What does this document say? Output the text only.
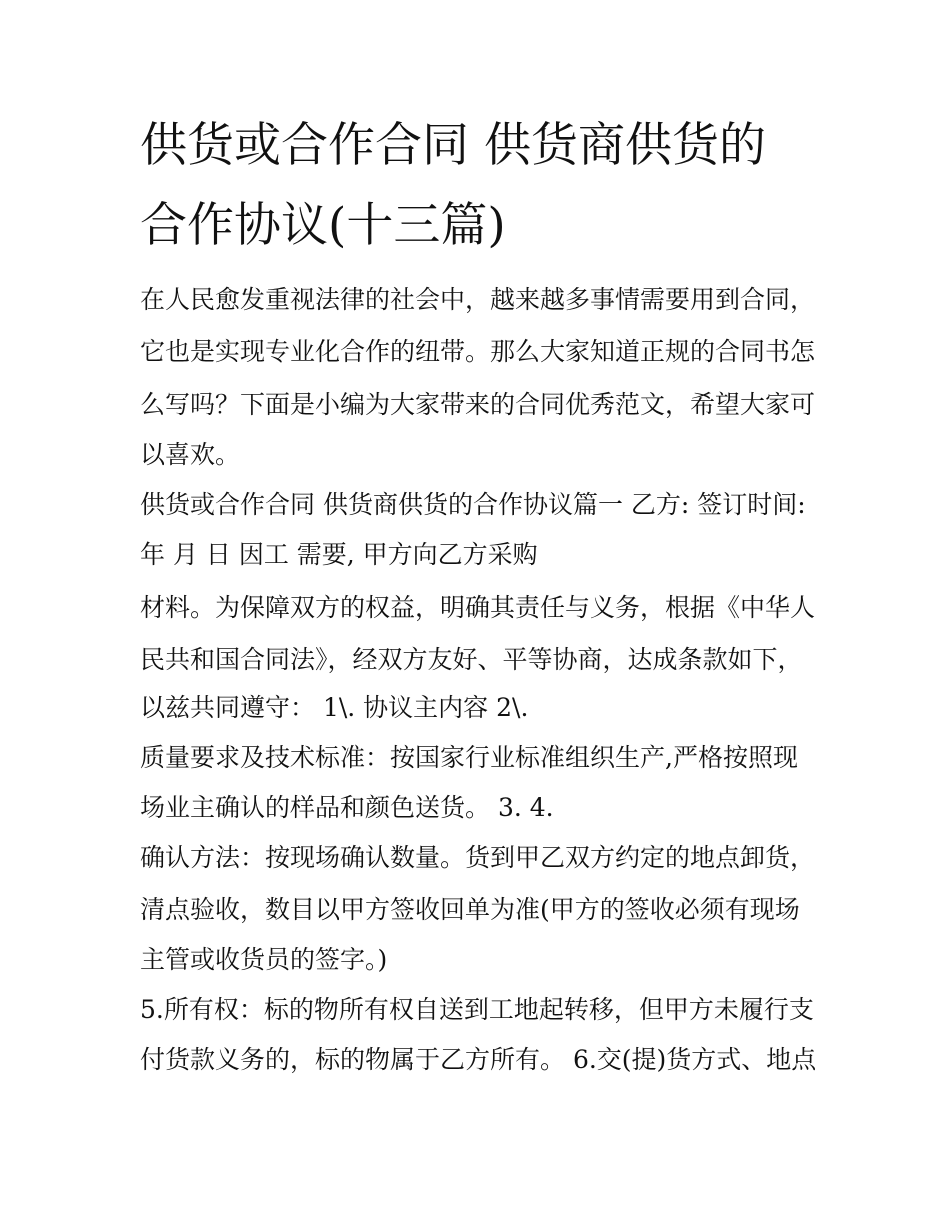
供货或合作合同 供货商供货的
合作协议(十三篇)
在人民愈发重视法律的社会中，越来越多事情需要用到合同，
它也是实现专业化合作的纽带。那么大家知道正规的合同书怎
么写吗？下面是小编为大家带来的合同优秀范文，希望大家可
以喜欢。
供货或合作合同 供货商供货的合作协议篇一 乙方: 签订时间:
年 月 日 因工 需要, 甲方向乙方采购
材料。为保障双方的权益，明确其责任与义务，根据《中华人
民共和国合同法》，经双方友好、平等协商，达成条款如下，
以兹共同遵守： 1\. 协议主内容 2\.
质量要求及技术标准：按国家行业标准组织生产,严格按照现
场业主确认的样品和颜色送货。 3. 4.
确认方法：按现场确认数量。货到甲乙双方约定的地点卸货，
清点验收，数目以甲方签收回单为准(甲方的签收必须有现场
主管或收货员的签字。)
5.所有权：标的物所有权自送到工地起转移，但甲方未履行支
付货款义务的，标的物属于乙方所有。 6.交(提)货方式、地点
